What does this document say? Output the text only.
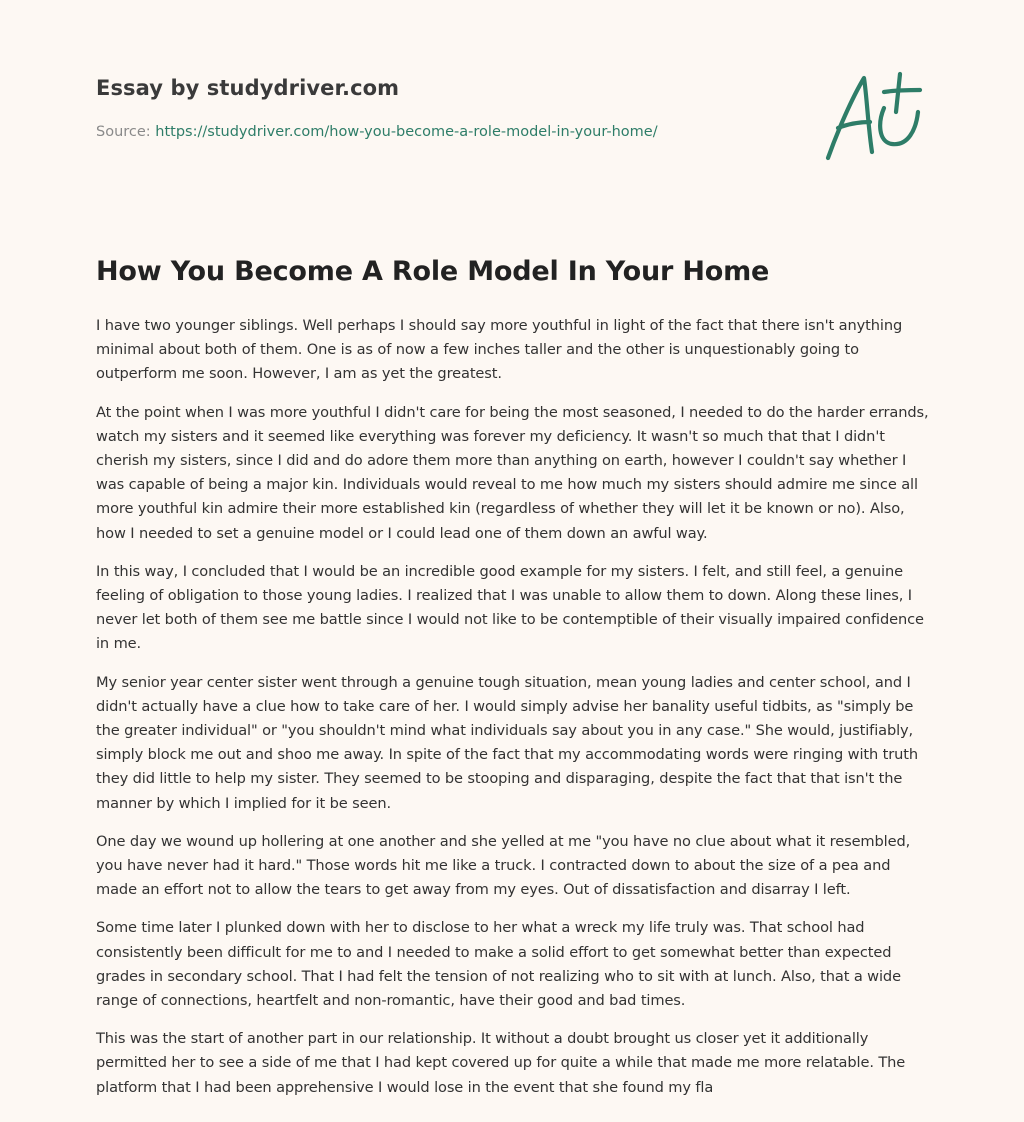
Essay by studydriver.com
Source: https://studydriver.com/how-you-become-a-role-model-in-your-home/
How You Become A Role Model In Your Home

I have two younger siblings. Well perhaps I should say more youthful in light of the fact that there isn't anything minimal about both of them. One is as of now a few inches taller and the other is unquestionably going to outperform me soon. However, I am as yet the greatest.

At the point when I was more youthful I didn't care for being the most seasoned, I needed to do the harder errands, watch my sisters and it seemed like everything was forever my deficiency. It wasn't so much that that I didn't cherish my sisters, since I did and do adore them more than anything on earth, however I couldn't say whether I was capable of being a major kin. Individuals would reveal to me how much my sisters should admire me since all more youthful kin admire their more established kin (regardless of whether they will let it be known or no). Also, how I needed to set a genuine model or I could lead one of them down an awful way.

In this way, I concluded that I would be an incredible good example for my sisters. I felt, and still feel, a genuine feeling of obligation to those young ladies. I realized that I was unable to allow them to down. Along these lines, I never let both of them see me battle since I would not like to be contemptible of their visually impaired confidence in me.

My senior year center sister went through a genuine tough situation, mean young ladies and center school, and I didn't actually have a clue how to take care of her. I would simply advise her banality useful tidbits, as "simply be the greater individual" or "you shouldn't mind what individuals say about you in any case." She would, justifiably, simply block me out and shoo me away. In spite of the fact that my accommodating words were ringing with truth they did little to help my sister. They seemed to be stooping and disparaging, despite the fact that that isn't the manner by which I implied for it be seen.

One day we wound up hollering at one another and she yelled at me "you have no clue about what it resembled, you have never had it hard." Those words hit me like a truck. I contracted down to about the size of a pea and made an effort not to allow the tears to get away from my eyes. Out of dissatisfaction and disarray I left.

Some time later I plunked down with her to disclose to her what a wreck my life truly was. That school had consistently been difficult for me to and I needed to make a solid effort to get somewhat better than expected grades in secondary school. That I had felt the tension of not realizing who to sit with at lunch. Also, that a wide range of connections, heartfelt and non-romantic, have their good and bad times.

This was the start of another part in our relationship. It without a doubt brought us closer yet it additionally permitted her to see a side of me that I had kept covered up for quite a while that made me more relatable. The platform that I had been apprehensive I would lose in the event that she found my fla
